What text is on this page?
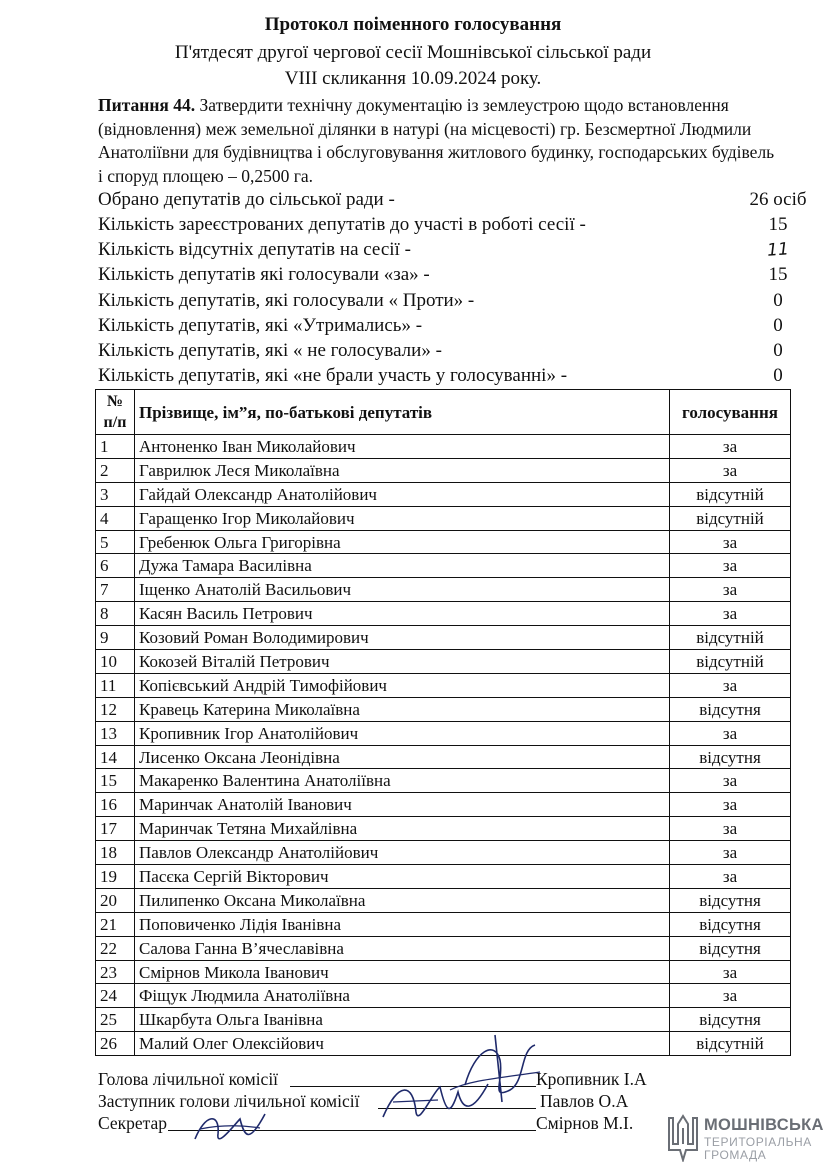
Протокол поіменного голосування
П'ятдесят другої чергової сесії Мошнівської сільської ради
VIII скликання 10.09.2024 року.
Питання 44. Затвердити технічну документацію із землеустрою щодо встановлення (відновлення) меж земельної ділянки в натурі (на місцевості) гр. Безсмертної Людмили Анатоліївни для будівництва і обслуговування житлового будинку, господарських будівель і споруд площею – 0,2500 га.
Обрано депутатів до сільської ради -	26 осіб
Кількість зареєстрованих депутатів до участі в роботі сесії -	15
Кількість відсутніх депутатів на сесії -	11
Кількість депутатів які голосували «за» -	15
Кількість депутатів, які голосували « Проти» -	0
Кількість депутатів, які «Утримались» -	0
Кількість депутатів, які « не голосували» -	0
Кількість депутатів, які «не брали участь у голосуванні» -	0
№
п/п	Прізвище, ім”я, по-батькові депутатів	голосування
1	Антоненко Іван Миколайович	за
2	Гаврилюк Леся Миколаївна	за
3	Гайдай Олександр Анатолійович	відсутній
4	Гаращенко Ігор Миколайович	відсутній
5	Гребенюк Ольга Григорівна	за
6	Дужа Тамара Василівна	за
7	Іщенко Анатолій Васильович	за
8	Касян Василь Петрович	за
9	Козовий Роман Володимирович	відсутній
10	Кокозей Віталій Петрович	відсутній
11	Копієвський Андрій Тимофійович	за
12	Кравець Катерина Миколаївна	відсутня
13	Кропивник Ігор Анатолійович	за
14	Лисенко Оксана Леонідівна	відсутня
15	Макаренко Валентина Анатоліївна	за
16	Маринчак Анатолій Іванович	за
17	Маринчак Тетяна Михайлівна	за
18	Павлов Олександр Анатолійович	за
19	Пасєка Сергій Вікторович	за
20	Пилипенко Оксана Миколаївна	відсутня
21	Поповиченко Лідія Іванівна	відсутня
22	Салова Ганна В’ячеславівна	відсутня
23	Смірнов Микола Іванович	за
24	Фіщук Людмила Анатоліївна	за
25	Шкарбута Ольга Іванівна	відсутня
26	Малий Олег Олексійович	відсутній
Голова лічильної комісії	Кропивник І.А
Заступник голови лічильної комісії	Павлов О.А
Секретар	Смірнов М.І.	МОШНІВСЬКА
ТЕРИТОРІАЛЬНА
ГРОМАДА
